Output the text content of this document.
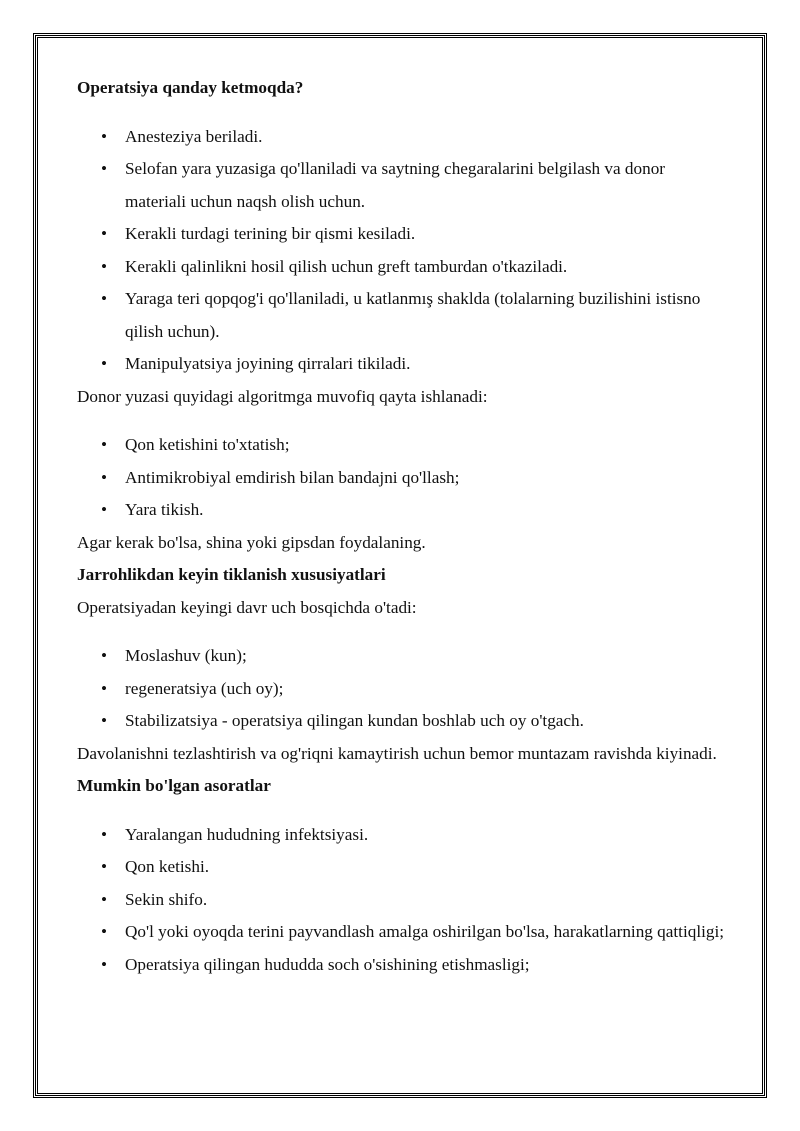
Operatsiya qanday ketmoqda?

• Anesteziya beriladi.
• Selofan yara yuzasiga qo'llaniladi va saytning chegaralarini belgilash va donor materiali uchun naqsh olish uchun.
• Kerakli turdagi terining bir qismi kesiladi.
• Kerakli qalinlikni hosil qilish uchun greft tamburdan o'tkaziladi.
• Yaraga teri qopqog'i qo'llaniladi, u katlanmış shaklda (tolalarning buzilishini istisno qilish uchun).
• Manipulyatsiya joyining qirralari tikiladi.

Donor yuzasi quyidagi algoritmga muvofiq qayta ishlanadi:

• Qon ketishini to'xtatish;
• Antimikrobiyal emdirish bilan bandajni qo'llash;
• Yara tikish.

Agar kerak bo'lsa, shina yoki gipsdan foydalaning.

Jarrohlikdan keyin tiklanish xususiyatlari

Operatsiyadan keyingi davr uch bosqichda o'tadi:

• Moslashuv (kun);
• regeneratsiya (uch oy);
• Stabilizatsiya - operatsiya qilingan kundan boshlab uch oy o'tgach.

Davolanishni tezlashtirish va og'riqni kamaytirish uchun bemor muntazam ravishda kiyinadi.

Mumkin bo'lgan asoratlar

• Yaralangan hududning infektsiyasi.
• Qon ketishi.
• Sekin shifo.
• Qo'l yoki oyoqda terini payvandlash amalga oshirilgan bo'lsa, harakatlarning qattiqligi;
• Operatsiya qilingan hududda soch o'sishining etishmasligi;
